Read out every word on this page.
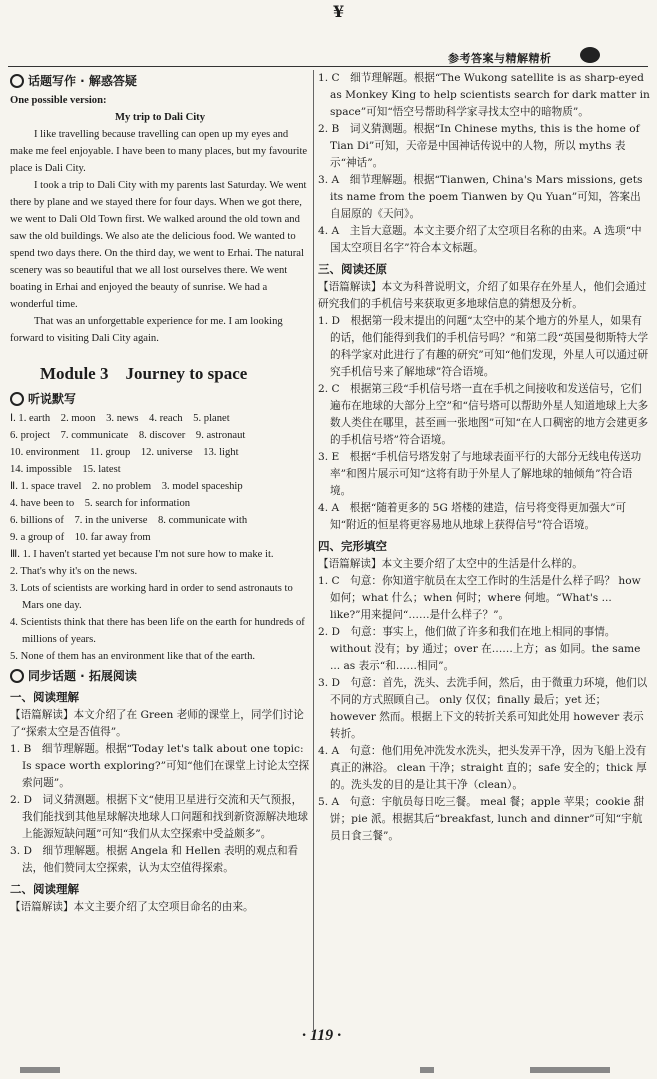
¥
参考答案与精解精析
话题写作 · 解惑答疑

One possible version:

My trip to Dali City

I like travelling because travelling can open up my eyes and make me feel enjoyable. I have been to many places, but my favourite place is Dali City.

I took a trip to Dali City with my parents last Saturday. We went there by plane and we stayed there for four days. When we got there, we went to Dali Old Town first. We walked around the old town and saw the old buildings. We also ate the delicious food. We wanted to spend two days there. On the third day, we went to Erhai. The natural scenery was so beautiful that we all lost ourselves there. We went boating in Erhai and enjoyed the beauty of sunrise. We had a wonderful time.

That was an unforgettable experience for me. I am looking forward to visiting Dali City again.

Module 3　Journey to space
听说默写

Ⅰ. 1. earth　2. moon　3. news　4. reach　5. planet

6. project　7. communicate　8. discover　9. astronaut

10. environment　11. group　12. universe　13. light

14. impossible　15. latest

Ⅱ. 1. space travel　2. no problem　3. model spaceship

4. have been to　5. search for information

6. billions of　7. in the universe　8. communicate with

9. a group of　10. far away from

Ⅲ. 1. I haven't started yet because I'm not sure how to make it.

2. That's why it's on the news.

3. Lots of scientists are working hard in order to send astronauts to Mars one day.

4. Scientists think that there has been life on the earth for hundreds of millions of years.

5. None of them has an environment like that of the earth.

同步话题 · 拓展阅读
一、阅读理解

【语篇解读】本文介绍了在 Green 老师的课堂上，同学们讨论了“探索太空是否值得”。

1. B　细节理解题。根据“Today let's talk about one topic: Is space worth exploring?”可知“他们在课堂上讨论太空探索问题”。

2. D　词义猜测题。根据下文“使用卫星进行交流和天气预报，我们能找到其他星球解决地球人口问题和找到新资源解决地球上能源短缺问题”可知“我们从太空探索中受益颇多”。

3. D　细节理解题。根据 Angela 和 Hellen 表明的观点和看法，他们赞同太空探索，认为太空值得探索。

二、阅读理解

【语篇解读】本文主要介绍了太空项目命名的由来。

1. C　细节理解题。根据“The Wukong satellite is as sharp-eyed as Monkey King to help scientists search for dark matter in space”可知“悟空号帮助科学家寻找太空中的暗物质”。

2. B　词义猜测题。根据“In Chinese myths, this is the home of Tian Di”可知，天帝是中国神话传说中的人物，所以 myths 表示“神话”。

3. A　细节理解题。根据“Tianwen, China's Mars missions, gets its name from the poem Tianwen by Qu Yuan”可知，答案出自屈原的《天问》。

4. A　主旨大意题。本文主要介绍了太空项目名称的由来。A 选项“中国太空项目名字”符合本文标题。

三、阅读还原

【语篇解读】本文为科普说明文，介绍了如果存在外星人，他们会通过研究我们的手机信号来获取更多地球信息的猜想及分析。

1. D　根据第一段末提出的问题“太空中的某个地方的外星人，如果有的话，他们能得到我们的手机信号吗？”和第二段“英国曼彻斯特大学的科学家对此进行了有趣的研究”可知“他们发现，外星人可以通过研究手机信号来了解地球”符合语境。

2. C　根据第三段“手机信号塔一直在手机之间接收和发送信号，它们遍布在地球的大部分上空”和“信号塔可以帮助外星人知道地球上大多数人类住在哪里，甚至画一张地图”可知“在人口稠密的地方会建更多的手机信号塔”符合语境。

3. E　根据“手机信号塔发射了与地球表面平行的大部分无线电传送功率”和图片展示可知“这将有助于外星人了解地球的轴倾角”符合语境。

4. A　根据“随着更多的 5G 塔楼的建造，信号将变得更加强大”可知“附近的恒星将更容易地从地球上获得信号”符合语境。

四、完形填空

【语篇解读】本文主要介绍了太空中的生活是什么样的。

1. C　句意：你知道宇航员在太空工作时的生活是什么样子吗？ how 如何；what 什么；when 何时；where 何地。“What's ... like?”用来提问“……是什么样子？”。

2. D　句意：事实上，他们做了许多和我们在地上相同的事情。without 没有；by 通过；over 在……上方；as 如同。the same ... as 表示“和……相同”。

3. D　句意：首先，洗头、去洗手间，然后，由于微重力环境，他们以不同的方式照顾自己。 only 仅仅；finally 最后；yet 还；however 然而。根据上下文的转折关系可知此处用 however 表示转折。

4. A　句意：他们用免冲洗发水洗头，把头发弄干净，因为飞船上没有真正的淋浴。 clean 干净；straight 直的；safe 安全的；thick 厚的。洗头发的目的是让其干净（clean）。

5. A　句意：宇航员每日吃三餐。 meal 餐；apple 苹果；cookie 甜饼；pie 派。根据其后“breakfast, lunch and dinner”可知“宇航员日食三餐”。

· 119 ·
